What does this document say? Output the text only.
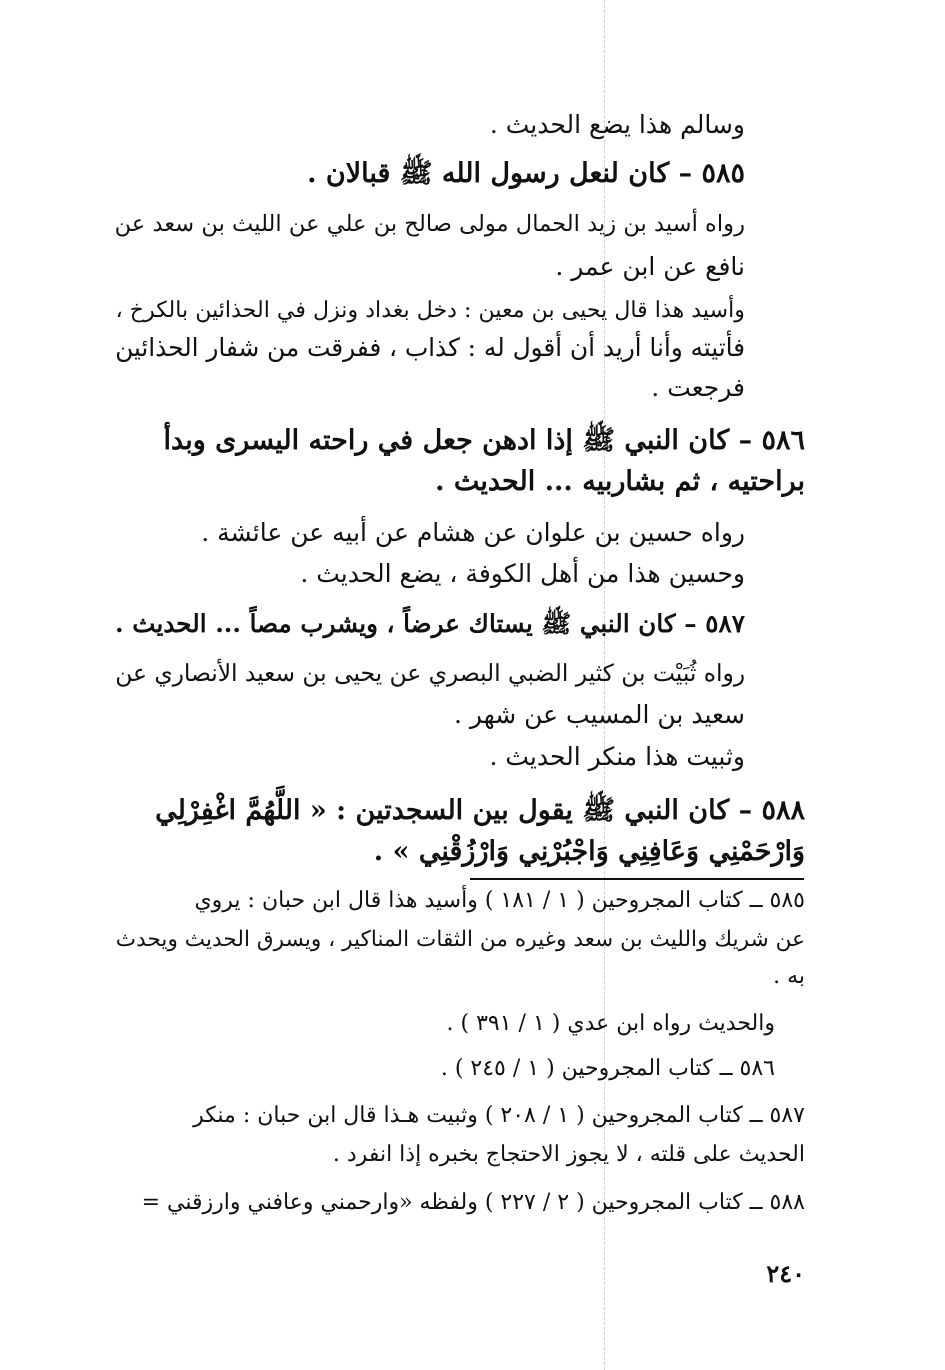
وسالم هذا يضع الحديث .
٥٨٥ – كان لنعل رسول الله ﷺ قبالان .
رواه أسيد بن زيد الحمال مولى صالح بن علي عن الليث بن سعد عن
نافع عن ابن عمر .
وأسيد هذا قال يحيى بن معين : دخل بغداد ونزل في الحذائين بالكرخ ،
فأتيته وأنا أريد أن أقول له : كذاب ، ففرقت من شفار الحذائين
فرجعت .
٥٨٦ – كان النبي ﷺ إذا ادهن جعل في راحته اليسرى وبدأ
براحتيه ، ثم بشاربيه ... الحديث .
رواه حسين بن علوان عن هشام عن أبيه عن عائشة .
وحسين هذا من أهل الكوفة ، يضع الحديث .
٥٨٧ – كان النبي ﷺ يستاك عرضاً ، ويشرب مصاً ... الحديث .
رواه ثُبَيْت بن كثير الضبي البصري عن يحيى بن سعيد الأنصاري عن
سعيد بن المسيب عن شهر .
وثبيت هذا منكر الحديث .
٥٨٨ – كان النبي ﷺ يقول بين السجدتين : « اللَّهُمَّ اغْفِرْلِي
وَارْحَمْنِي وَعَافِنِي وَاجْبُرْنِي وَارْزُقْنِي » .
٥٨٥ ــ كتاب المجروحين ( ١ / ١٨١ ) وأسيد هذا قال ابن حبان : يروي
عن شريك والليث بن سعد وغيره من الثقات المناكير ، ويسرق الحديث ويحدث
به .
والحديث رواه ابن عدي ( ١ / ٣٩١ ) .
٥٨٦ ــ كتاب المجروحين ( ١ / ٢٤٥ ) .
٥٨٧ ــ كتاب المجروحين ( ١ / ٢٠٨ ) وثبيت هـذا قال ابن حبان : منكر
الحديث على قلته ، لا يجوز الاحتجاج بخبره إذا انفرد .
٥٨٨ ــ كتاب المجروحين ( ٢ / ٢٢٧ ) ولفظه «وارحمني وعافني وارزقني =
٢٤٠
